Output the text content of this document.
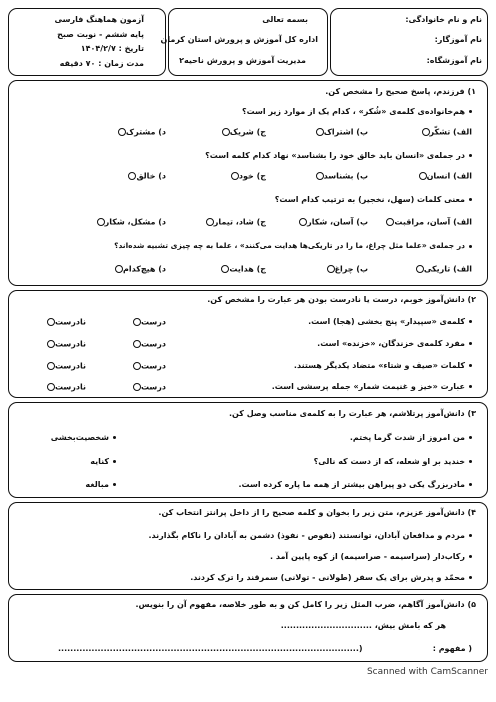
نام و نام خانوادگی:
نام آموزگار:
نام آموزشگاه:
بسمه تعالی
اداره کل آموزش و پرورش استان کرمان
مدیریت آموزش و پرورش ناحیه۲
آزمون هماهنگ فارسی
پایه ششم - نوبت صبح
تاریخ : ۱۴۰۴/۲/۷
مدت زمان : ۷۰ دقیقه
۱) فرزندم، پاسخ صحیح را مشخص کن.
هم‌خانواده‌ی کلمه‌ی «شُکر» ، کدام یک از موارد زیر است؟
الف) تشکّر
ب) اشتراک
ج) شریک
د) مشترک
در جمله‌ی «انسان باید خالق خود را بشناسد» نهاد کدام کلمه است؟
الف) انسان
ب) بشناسد
ج) خود
د) خالق
معنی کلمات (سهل، نخجیر) به ترتیب کدام است؟
الف) آسان، مراقبت
ب) آسان، شکار
ج) شاد، تیمار
د) مشکل، شکار
در جمله‌ی «علما مثل چراغ، ما را در تاریکی‌ها هدایت می‌کنند» ، علما به چه چیزی تشبیه شده‌اند؟
الف) تاریکی
ب) چراغ
ج) هدایت
د) هیچ‌کدام
۲) دانش‌آموز خوبم، درست یا نادرست بودن هر عبارت را مشخص کن.
کلمه‌ی «سپیدار» پنج بخشی (هجا) است.
درست
نادرست
مفرد کلمه‌ی خزندگان، «خزنده» است.
درست
نادرست
کلمات «صیف و شتاء» متضاد یکدیگر هستند.
درست
نادرست
عبارت «خیز و غنیمت شمار» جمله پرسشی است.
درست
نادرست
۳) دانش‌آموز پرتلاشم، هر عبارت را به کلمه‌ی مناسب وصل کن.
من امروز از شدت گرما پختم.
خندید بر او شعله، که از دست که نالی؟
مادربزرگ یکی دو پیراهن بیشتر از همه ما پاره کرده است.
شخصیت‌بخشی
کنایه
مبالغه
۴) دانش‌آموز عزیزم، متن زیر را بخوان و کلمه صحیح را از داخل پرانتز انتخاب کن.
مردم و مدافعان آبادان، توانستند (نفوص - نفوذ) دشمن به آبادان را ناکام بگذارند.
رکاب‌دار (سراسیمه - صراسیمه) از کوه پایین آمد .
محمّد و پدرش برای یک سفر (طولانی - تولانی) سمرقند را ترک کردند.
۵) دانش‌آموز آگاهم، ضرب المثل زیر را کامل کن و به طور خلاصه، مفهوم آن را بنویس.
هر که بامش بیش، ..............................
( مفهوم :
...................................................................................................)
Scanned with CamScanner
